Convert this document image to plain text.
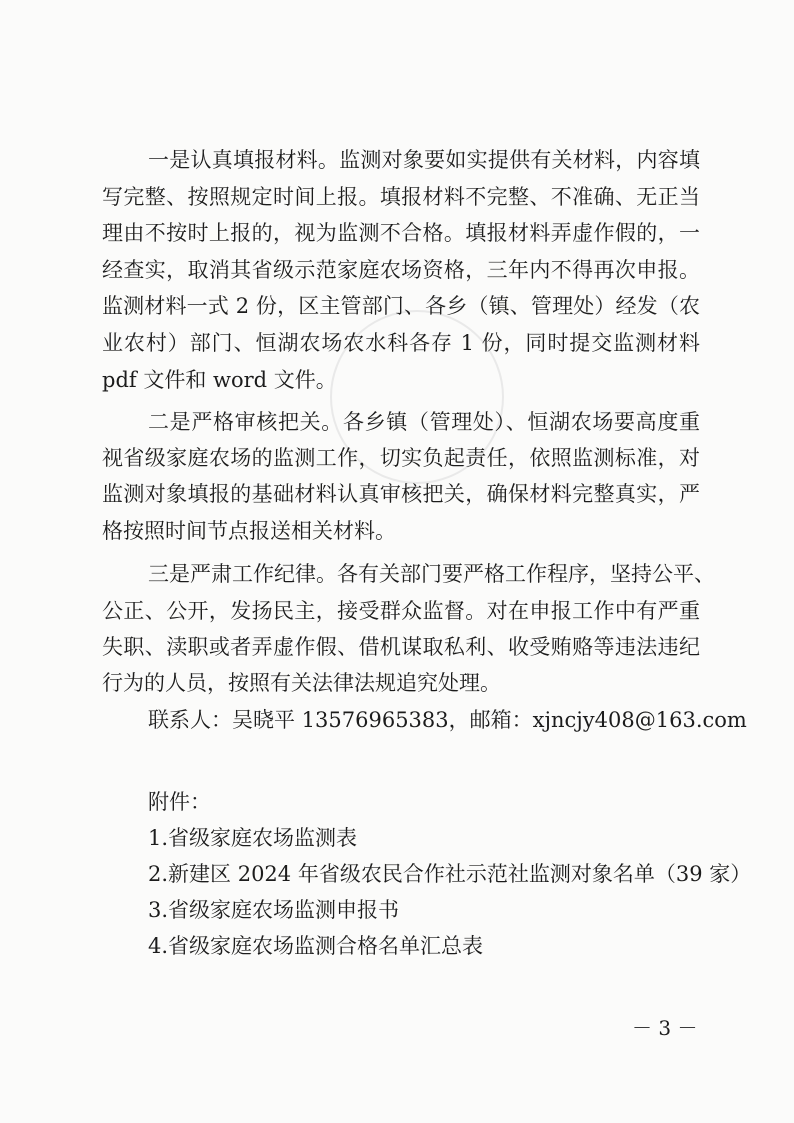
一是认真填报材料。监测对象要如实提供有关材料，内容填
写完整、按照规定时间上报。填报材料不完整、不准确、无正当
理由不按时上报的，视为监测不合格。填报材料弄虚作假的，一
经查实，取消其省级示范家庭农场资格，三年内不得再次申报。
监测材料一式 2 份，区主管部门、各乡（镇、管理处）经发（农
业农村）部门、恒湖农场农水科各存 1 份，同时提交监测材料
pdf 文件和 word 文件。
二是严格审核把关。各乡镇（管理处）、恒湖农场要高度重
视省级家庭农场的监测工作，切实负起责任，依照监测标准，对
监测对象填报的基础材料认真审核把关，确保材料完整真实，严
格按照时间节点报送相关材料。
三是严肃工作纪律。各有关部门要严格工作程序，坚持公平、
公正、公开，发扬民主，接受群众监督。对在申报工作中有严重
失职、渎职或者弄虚作假、借机谋取私利、收受贿赂等违法违纪
行为的人员，按照有关法律法规追究处理。
联系人：吴晓平 13576965383，邮箱：xjncjy408@163.com
附件：
1.省级家庭农场监测表
2.新建区 2024 年省级农民合作社示范社监测对象名单（39 家）
3.省级家庭农场监测申报书
4.省级家庭农场监测合格名单汇总表
－ 3 －
